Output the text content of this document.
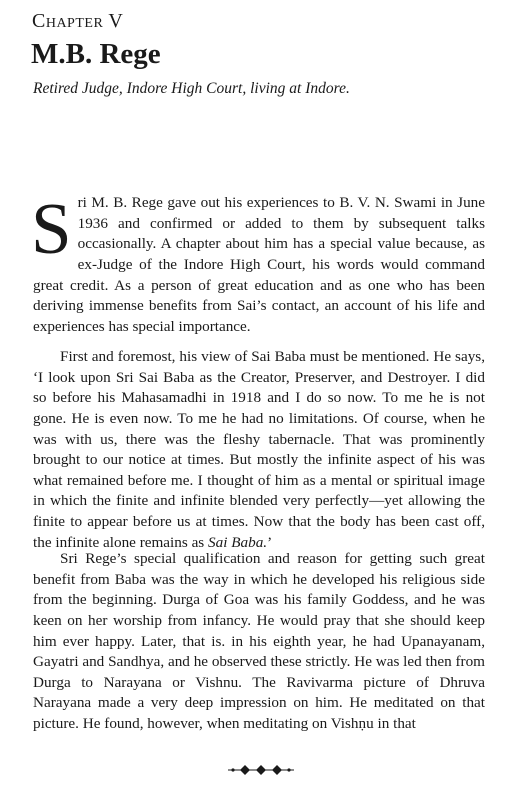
Chapter V
M.B. Rege
Retired Judge, Indore High Court, living at Indore.

Sri M. B. Rege gave out his experiences to B. V. N. Swami in June 1936 and confirmed or added to them by subsequent talks occasionally. A chapter about him has a special value because, as ex-Judge of the Indore High Court, his words would command great credit. As a person of great education and as one who has been deriving immense benefits from Sai’s contact, an account of his life and experiences has special importance.

First and foremost, his view of Sai Baba must be mentioned. He says, ‘I look upon Sri Sai Baba as the Creator, Preserver, and Destroyer. I did so before his Mahasamadhi in 1918 and I do so now. To me he is not gone. He is even now. To me he had no limitations. Of course, when he was with us, there was the fleshy tabernacle. That was prominently brought to our notice at times. But mostly the infinite aspect of his was what remained before me. I thought of him as a mental or spiritual image in which the finite and infinite blended very perfectly—yet allowing the finite to appear before us at times. Now that the body has been cast off, the infinite alone remains as Sai Baba.’

Sri Rege’s special qualification and reason for getting such great benefit from Baba was the way in which he developed his religious side from the beginning. Durga of Goa was his family Goddess, and he was keen on her worship from infancy. He would pray that she should keep him ever happy. Later, that is. in his eighth year, he had Upanayanam, Gayatri and Sandhya, and he observed these strictly. He was led then from Durga to Narayana or Vishnu. The Ravivarma picture of Dhruva Narayana made a very deep impression on him. He meditated on that picture. He found, however, when meditating on Vishṇu in that
